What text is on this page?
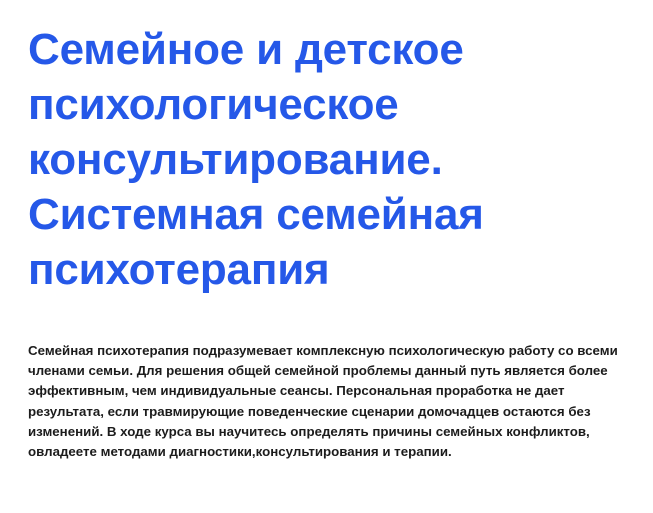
Семейное и детское психологическое консультирование. Системная семейная психотерапия

Семейная психотерапия подразумевает комплексную психологическую работу со всеми членами семьи. Для решения общей семейной проблемы данный путь является более эффективным, чем индивидуальные сеансы. Персональная проработка не дает результата, если травмирующие поведенческие сценарии домочадцев остаются без изменений. В ходе курса вы научитесь определять причины семейных конфликтов, овладеете методами диагностики,консультирования и терапии.
